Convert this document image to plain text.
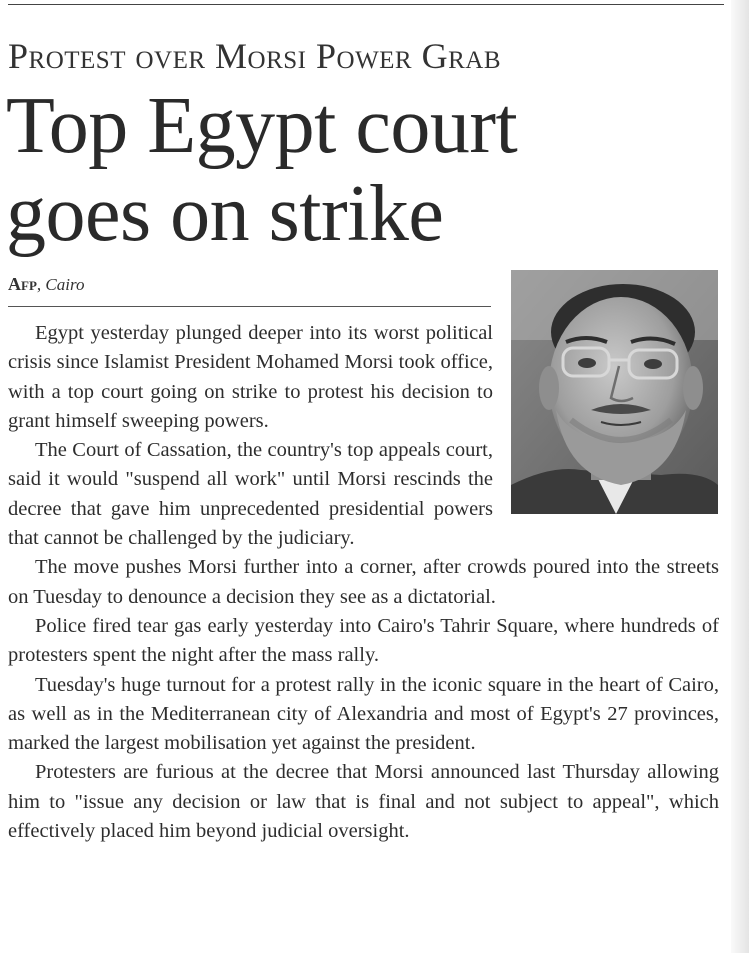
Protest over Morsi Power Grab
Top Egypt court
goes on strike
Afp, Cairo

Egypt yesterday plunged deeper into its worst political crisis since Islamist President Mohamed Morsi took office, with a top court going on strike to protest his decision to grant himself sweeping powers.

The Court of Cassation, the country's top appeals court, said it would "suspend all work" until Morsi rescinds the decree that gave him unprecedented presidential powers that cannot be challenged by the judiciary.

The move pushes Morsi further into a corner, after crowds poured into the streets on Tuesday to denounce a decision they see as a dictatorial.

Police fired tear gas early yesterday into Cairo's Tahrir Square, where hundreds of protesters spent the night after the mass rally.

Tuesday's huge turnout for a protest rally in the iconic square in the heart of Cairo, as well as in the Mediterranean city of Alexandria and most of Egypt's 27 provinces, marked the largest mobilisation yet against the president.

Protesters are furious at the decree that Morsi announced last Thursday allowing him to "issue any decision or law that is final and not subject to appeal", which effectively placed him beyond judicial oversight.
